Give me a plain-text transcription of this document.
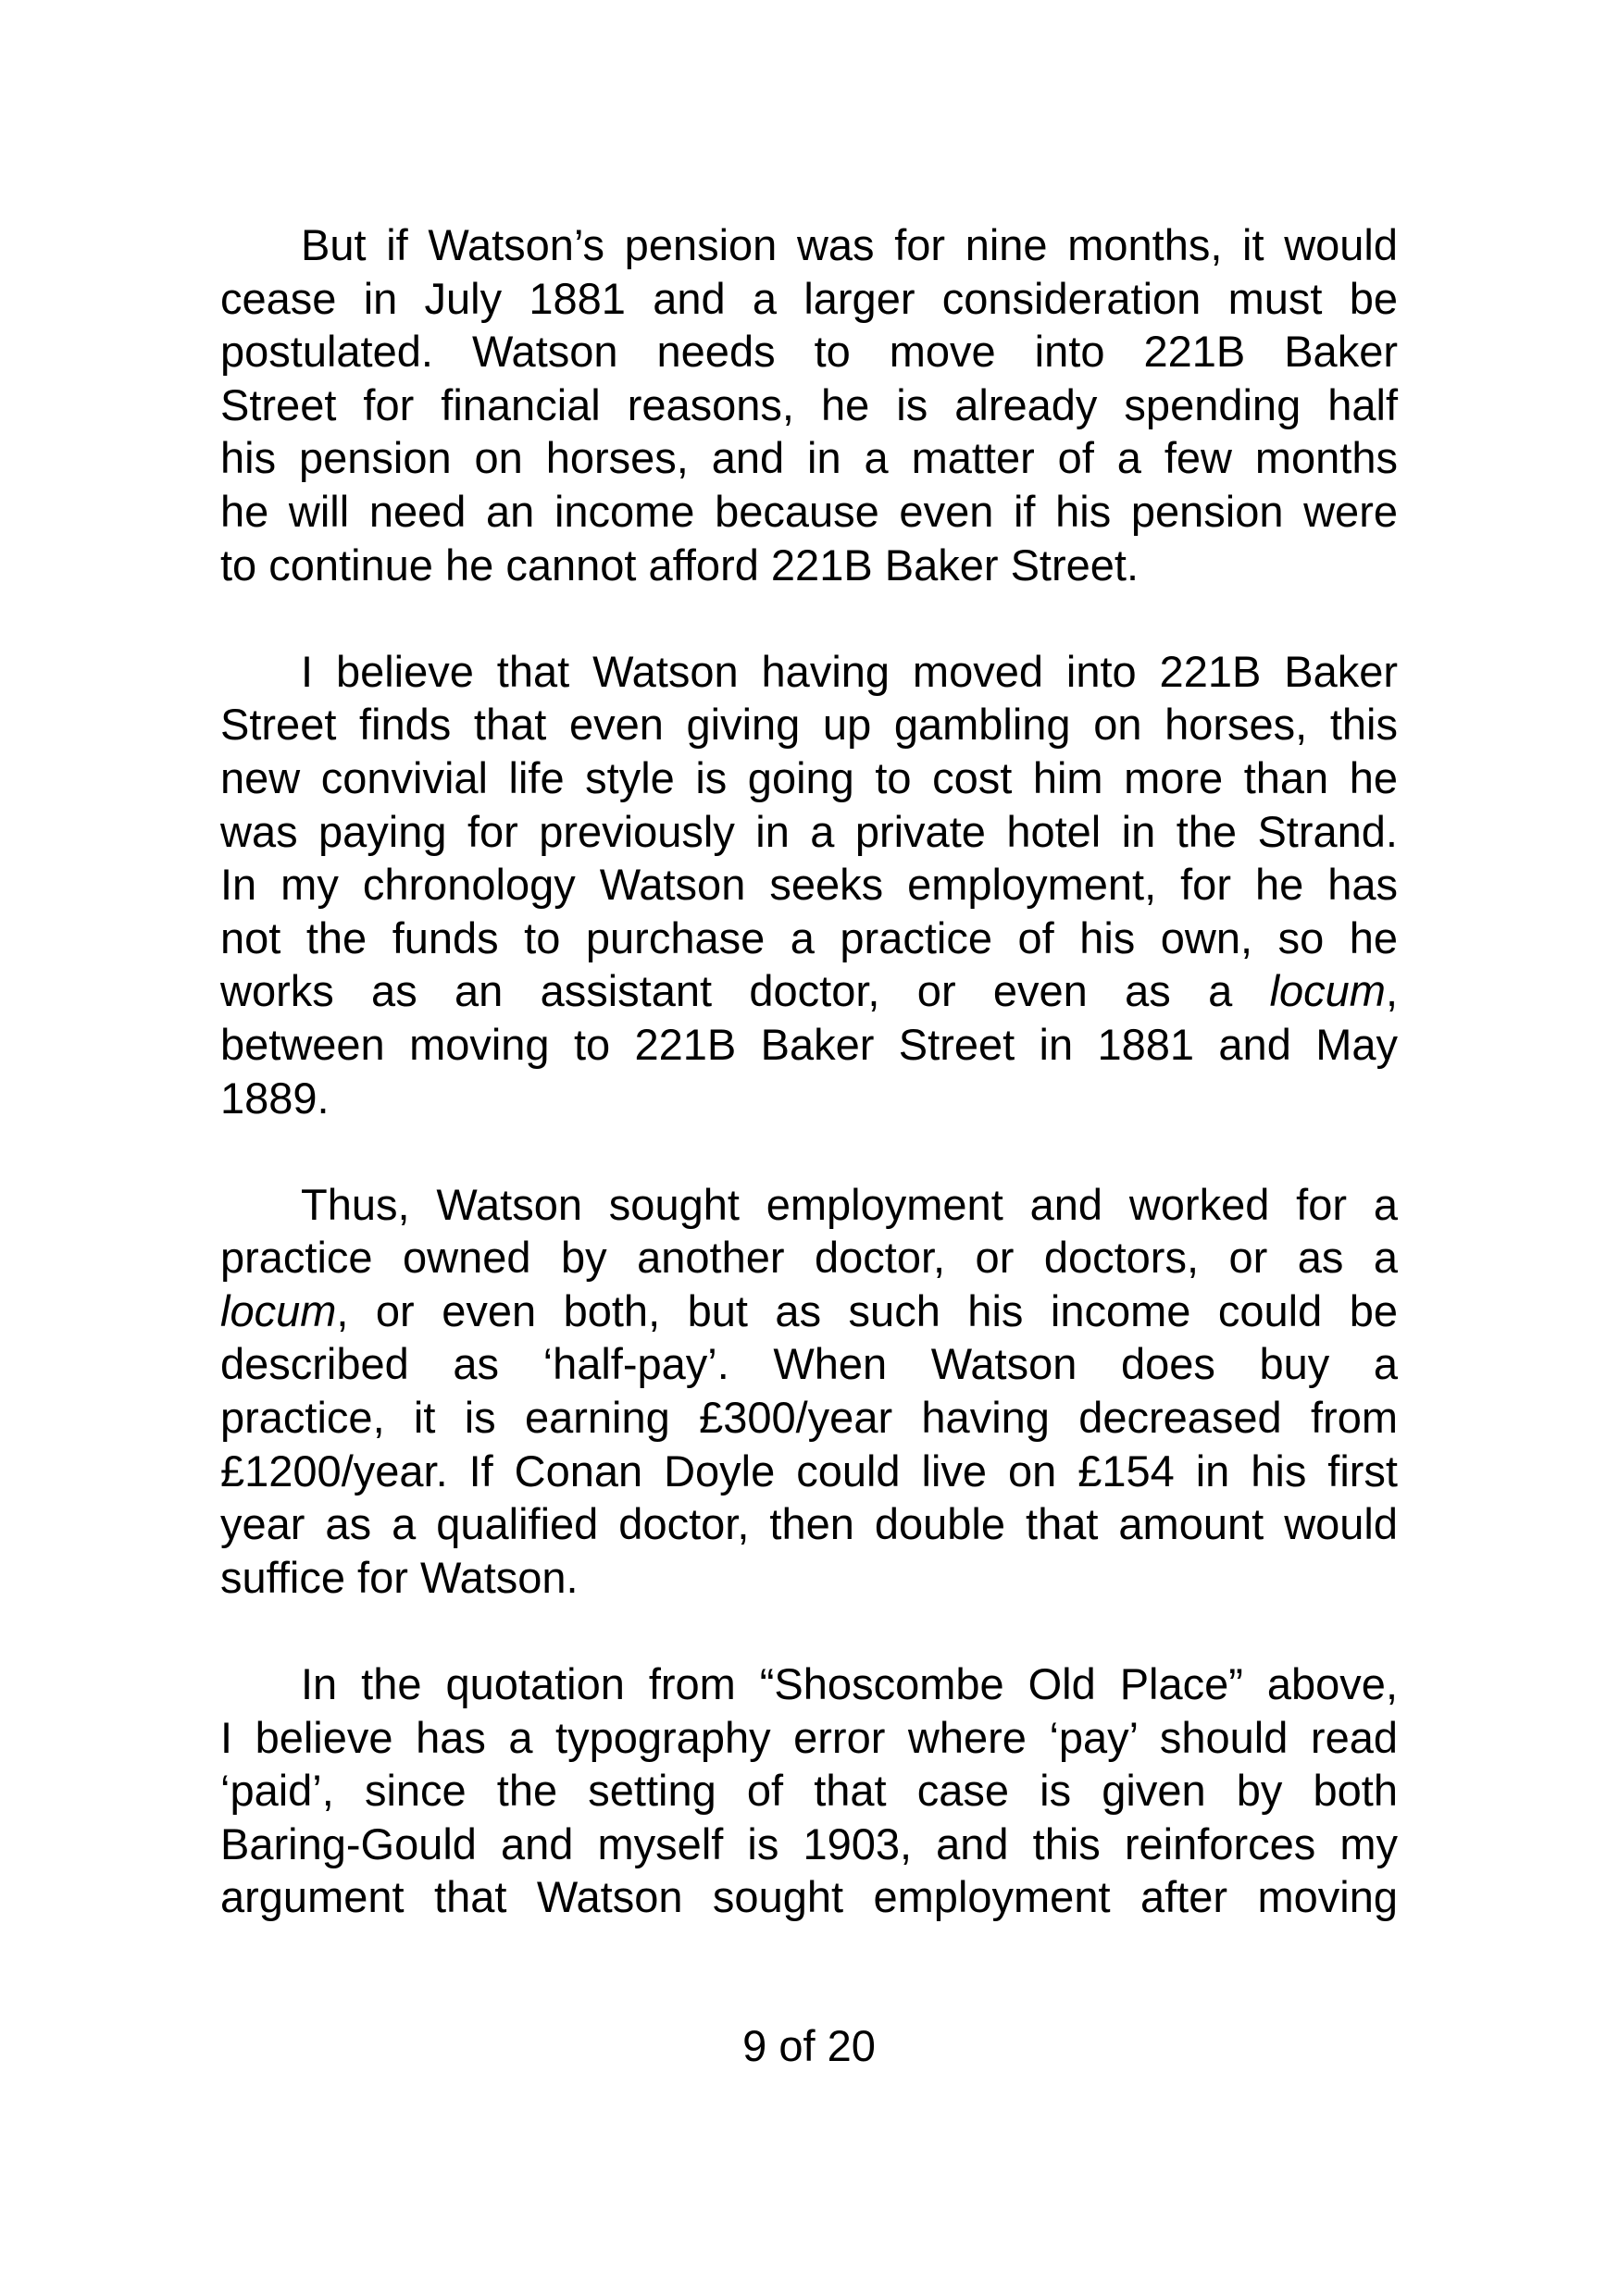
But if Watson’s pension was for nine months, it would
cease in July 1881 and a larger consideration must be
postulated. Watson needs to move into 221B Baker
Street for financial reasons, he is already spending half
his pension on horses, and in a matter of a few months
he will need an income because even if his pension were
to continue he cannot afford 221B Baker Street.
I believe that Watson having moved into 221B Baker
Street finds that even giving up gambling on horses, this
new convivial life style is going to cost him more than he
was paying for previously in a private hotel in the Strand.
In my chronology Watson seeks employment, for he has
not the funds to purchase a practice of his own, so he
works as an assistant doctor, or even as a locum,
between moving to 221B Baker Street in 1881 and May
1889.
Thus, Watson sought employment and worked for a
practice owned by another doctor, or doctors, or as a
locum, or even both, but as such his income could be
described as ‘half-pay’. When Watson does buy a
practice, it is earning £300/year having decreased from
£1200/year. If Conan Doyle could live on £154 in his first
year as a qualified doctor, then double that amount would
suffice for Watson.
In the quotation from “Shoscombe Old Place” above,
I believe has a typography error where ‘pay’ should read
‘paid’, since the setting of that case is given by both
Baring-Gould and myself is 1903, and this reinforces my
argument that Watson sought employment after moving
9 of 20
